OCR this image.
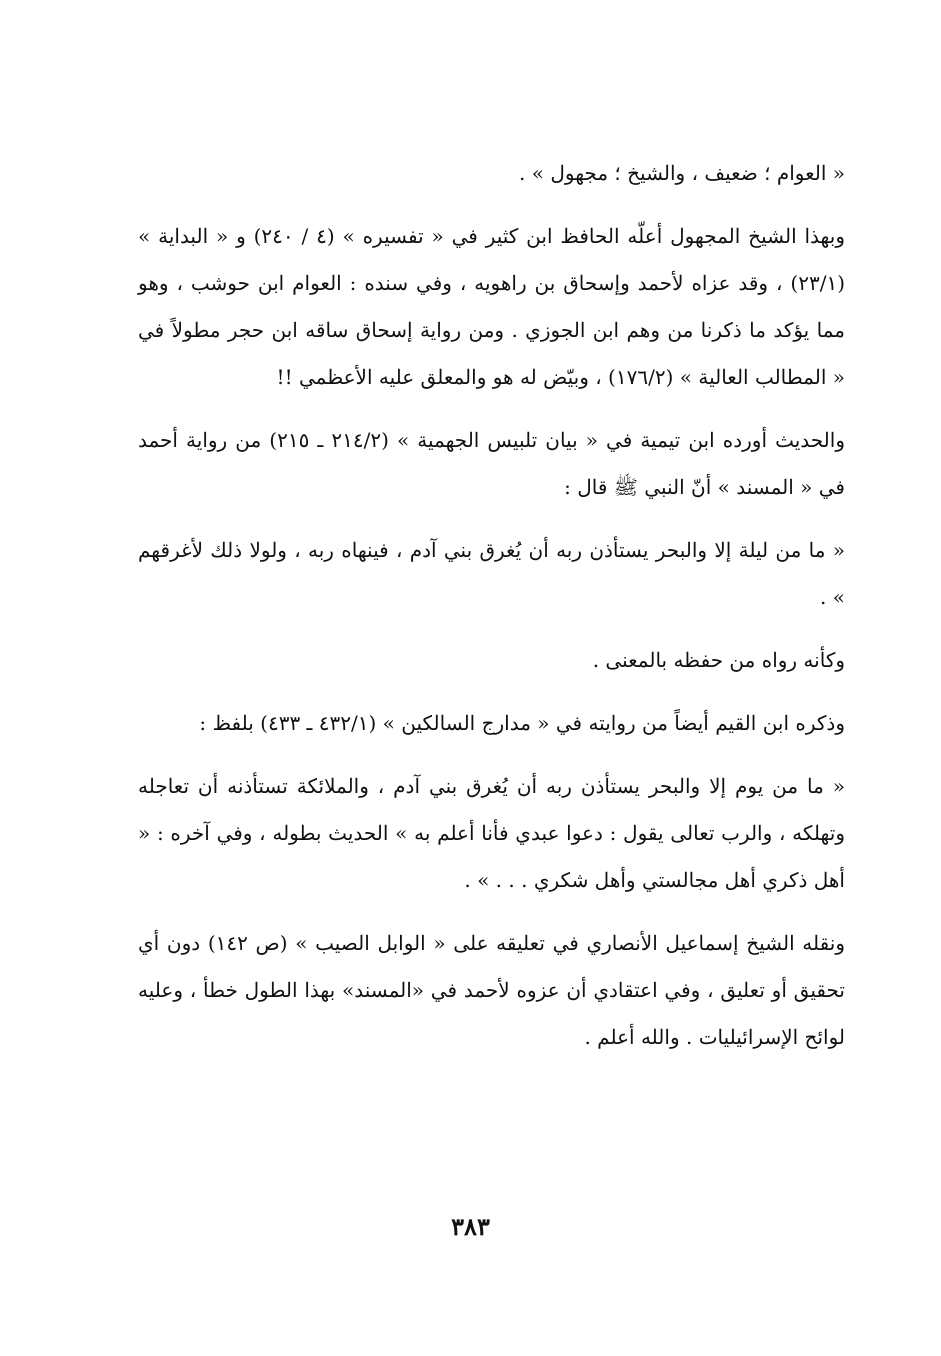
« العوام ؛ ضعيف ، والشيخ ؛ مجهول » .

وبهذا الشيخ المجهول أعلّه الحافظ ابن كثير في « تفسيره » (٤ / ٢٤٠) و « البداية » (٢٣/١) ، وقد عزاه لأحمد وإسحاق بن راهويه ، وفي سنده : العوام ابن حوشب ، وهو مما يؤكد ما ذكرنا من وهم ابن الجوزي . ومن رواية إسحاق ساقه ابن حجر مطولاً في « المطالب العالية » (١٧٦/٢) ، وبيّض له هو والمعلق عليه الأعظمي !!

والحديث أورده ابن تيمية في « بيان تلبيس الجهمية » (٢١٤/٢ ـ ٢١٥) من رواية أحمد في « المسند » أنّ النبي ﷺ قال :

« ما من ليلة إلا والبحر يستأذن ربه أن يُغرق بني آدم ، فينهاه ربه ، ولولا ذلك لأغرقهم » .

وكأنه رواه من حفظه بالمعنى .

وذكره ابن القيم أيضاً من روايته في « مدارج السالكين » (٤٣٢/١ ـ ٤٣٣) بلفظ :

« ما من يوم إلا والبحر يستأذن ربه أن يُغرق بني آدم ، والملائكة تستأذنه أن تعاجله وتهلكه ، والرب تعالى يقول : دعوا عبدي فأنا أعلم به » الحديث بطوله ، وفي آخره : « أهل ذكري أهل مجالستي وأهل شكري . . . » .

ونقله الشيخ إسماعيل الأنصاري في تعليقه على « الوابل الصيب » (ص ١٤٢) دون أي تحقيق أو تعليق ، وفي اعتقادي أن عزوه لأحمد في «المسند» بهذا الطول خطأ ، وعليه لوائح الإسرائيليات . والله أعلم .

٣٨٣
